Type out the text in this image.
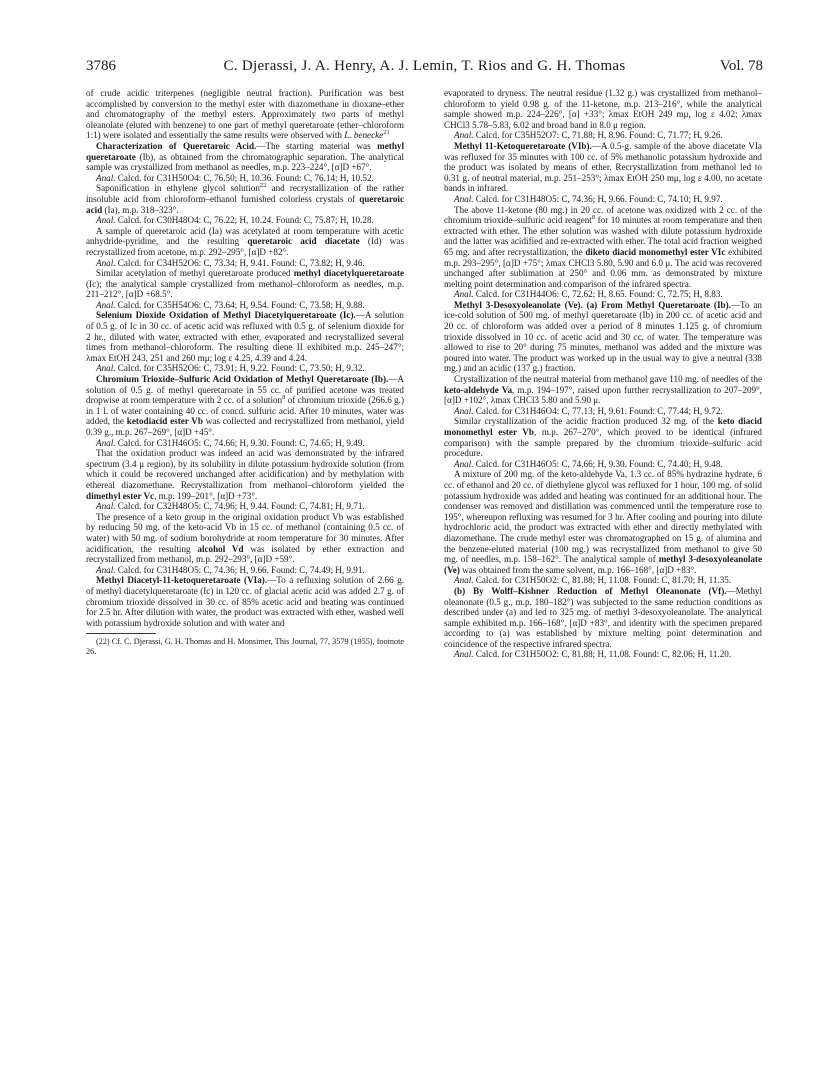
3786	C. Djerassi, J. A. Henry, A. J. Lemin, T. Rios and G. H. Thomas	Vol. 78

of crude acidic triterpenes (negligible neutral fraction). Purification was best accomplished by conversion to the methyl ester with diazomethane in dioxane–ether and chromatography of the methyl esters. Approximately two parts of methyl oleanolate (eluted with benzene) to one part of methyl queretaroate (ether–chloroform 1:1) were isolated and essentially the same results were observed with L. benecke$^{21}$

Characterization of Queretaroic Acid.—The starting material was methyl queretaroate (Ib), as obtained from the chromatographic separation. The analytical sample was crystallized from methanol as needles, m.p. 223–224°, [α]D +67°.

Anal. Calcd. for C31H50O4: C, 76.50; H, 10.36. Found: C, 76.14; H, 10.52.

Saponification in ethylene glycol solution$^{22}$ and recrystallization of the rather insoluble acid from chloroform–ethanol furnished colorless crystals of queretaroic acid (Ia), m.p. 318–323°.

Anal. Calcd. for C30H48O4: C, 76.22; H, 10.24. Found: C, 75.87; H, 10.28.

A sample of queretaroic acid (Ia) was acetylated at room temperature with acetic anhydride-pyridine, and the resulting queretaroic acid diacetate (Id) was recrystallized from acetone, m.p. 292–295°, [α]D +82°.

Anal. Calcd. for C34H52O6: C, 73.34; H, 9.41. Found: C, 73.82; H, 9.46.

Similar acetylation of methyl queretaroate produced methyl diacetylqueretaroate (Ic); the analytical sample crystallized from methanol–chloroform as needles, m.p. 211–212°, [α]D +68.5°.

Anal. Calcd. for C35H54O6: C, 73.64; H, 9.54. Found: C, 73.58; H, 9.88.

Selenium Dioxide Oxidation of Methyl Diacetylqueretaroate (Ic).—A solution of 0.5 g. of Ic in 30 cc. of acetic acid was refluxed with 0.5 g. of selenium dioxide for 2 hr., diluted with water, extracted with ether, evaporated and recrystallized several times from methanol–chloroform. The resulting diene II exhibited m.p. 245–247°; λmax EtOH 243, 251 and 260 mμ; log ε 4.25, 4.39 and 4.24.

Anal. Calcd. for C35H52O6: C, 73.91; H, 9.22. Found: C, 73.50; H, 9.32.

Chromium Trioxide–Sulfuric Acid Oxidation of Methyl Queretaroate (Ib).—A solution of 0.5 g. of methyl queretaroate in 55 cc. of purified acetone was treated dropwise at room temperature with 2 cc. of a solution$^8$ of chromium trioxide (266.6 g.) in 1 l. of water containing 40 cc. of concd. sulfuric acid. After 10 minutes, water was added, the ketodiacid ester Vb was collected and recrystallized from methanol, yield 0.39 g., m.p. 267–269°, [α]D +45°.

Anal. Calcd. for C31H46O5: C, 74.66; H, 9.30. Found: C, 74.65; H, 9.49.

That the oxidation product was indeed an acid was demonstrated by the infrared spectrum (3.4 μ region), by its solubility in dilute potassium hydroxide solution (from which it could be recovered unchanged after acidification) and by methylation with ethereal diazomethane. Recrystallization from methanol–chloroform yielded the dimethyl ester Vc, m.p. 199–201°, [α]D +73°.

Anal. Calcd. for C32H48O5: C, 74.96; H, 9.44. Found: C, 74.81; H, 9.71.

The presence of a keto group in the original oxidation product Vb was established by reducing 50 mg. of the keto-acid Vb in 15 cc. of methanol (containing 0.5 cc. of water) with 50 mg. of sodium borohydride at room temperature for 30 minutes. After acidification, the resulting alcohol Vd was isolated by ether extraction and recrystallized from methanol, m.p. 292–293°, [α]D +59°.

Anal. Calcd. for C31H48O5: C, 74.36; H, 9.66. Found: C, 74.49; H, 9.91.

Methyl Diacetyl-11-ketoqueretaroate (VIa).—To a refluxing solution of 2.66 g. of methyl diacetylqueretaroate (Ic) in 120 cc. of glacial acetic acid was added 2.7 g. of chromium trioxide dissolved in 30 cc. of 85% acetic acid and heating was continued for 2.5 hr. After dilution with water, the product was extracted with ether, washed well with potassium hydroxide solution and with water and

(22) Cf. C. Djerassi, G. H. Thomas and H. Monsimer, This Journal, 77, 3579 (1955), footnote 26.

evaporated to dryness. The neutral residue (1.32 g.) was crystallized from methanol–chloroform to yield 0.98 g. of the 11-ketone, m.p. 213–216°, while the analytical sample showed m.p. 224–226°, [α] +33°; λmax EtOH 249 mμ, log ε 4.02; λmax CHCl3 5.78–5.83, 6.02 and broad band in 8.0 μ region.

Anal. Calcd. for C35H52O7: C, 71.88; H, 8.96. Found: C, 71.77; H, 9.26.

Methyl 11-Ketoqueretaroate (VIb).—A 0.5-g. sample of the above diacetate VIa was refluxed for 35 minutes with 100 cc. of 5% methanolic potassium hydroxide and the product was isolated by means of ether. Recrystallization from methanol led to 0.31 g. of neutral material, m.p. 251–253°; λmax EtOH 250 mμ, log ε 4.00, no acetate bands in infrared.

Anal. Calcd. for C31H48O5: C, 74.36; H, 9.66. Found: C, 74.10; H, 9.97.

The above 11-ketone (80 mg.) in 20 cc. of acetone was oxidized with 2 cc. of the chromium trioxide–sulfuric acid reagent$^8$ for 10 minutes at room temperature and then extracted with ether. The ether solution was washed with dilute potassium hydroxide and the latter was acidified and re-extracted with ether. The total acid fraction weighed 65 mg. and after recrystallization, the diketo diacid monomethyl ester VIc exhibited m.p. 293–295°, [α]D +75°; λmax CHCl3 5.80, 5.90 and 6.0 μ. The acid was recovered unchanged after sublimation at 250° and 0.06 mm. as demonstrated by mixture melting point determination and comparison of the infrared spectra.

Anal. Calcd. for C31H44O6: C, 72.62; H, 8.65. Found: C, 72.75; H, 8.83.

Methyl 3-Desoxyoleanolate (Ve). (a) From Methyl Queretaroate (Ib).—To an ice-cold solution of 500 mg. of methyl queretaroate (Ib) in 200 cc. of acetic acid and 20 cc. of chloroform was added over a period of 8 minutes 1.125 g. of chromium trioxide dissolved in 10 cc. of acetic acid and 30 cc. of water. The temperature was allowed to rise to 20° during 75 minutes, methanol was added and the mixture was poured into water. The product was worked up in the usual way to give a neutral (338 mg.) and an acidic (137 g.) fraction.

Crystallization of the neutral material from methanol gave 110 mg. of needles of the keto-aldehyde Va, m.p. 194–197°, raised upon further recrystallization to 207–209°, [α]D +102°, λmax CHCl3 5.80 and 5.90 μ.

Anal. Calcd. for C31H46O4: C, 77.13; H, 9.61. Found: C, 77.44; H, 9.72.

Similar crystallization of the acidic fraction produced 32 mg. of the keto diacid monomethyl ester Vb, m.p. 267–270°, which proved to be identical (infrared comparison) with the sample prepared by the chromium trioxide–sulfuric acid procedure.

Anal. Calcd. for C31H46O5: C, 74.66; H, 9.30. Found: C, 74.40; H, 9.48.

A mixture of 200 mg. of the keto-aldehyde Va, 1.3 cc. of 85% hydrazine hydrate, 6 cc. of ethanol and 20 cc. of diethylene glycol was refluxed for 1 hour, 100 mg. of solid potassium hydroxide was added and heating was continued for an additional hour. The condenser was removed and distillation was commenced until the temperature rose to 195°, whereupon refluxing was resumed for 3 hr. After cooling and pouring into dilute hydrochloric acid, the product was extracted with ether and directly methylated with diazomethane. The crude methyl ester was chromatographed on 15 g. of alumina and the benzene-eluted material (100 mg.) was recrystallized from methanol to give 50 mg. of needles, m.p. 158–162°. The analytical sample of methyl 3-desoxyoleanolate (Ve) was obtained from the same solvent, m.p. 166–168°, [α]D +83°.

Anal. Calcd. for C31H50O2: C, 81.88; H, 11.08. Found: C, 81.70; H, 11.35.

(b) By Wolff–Kishner Reduction of Methyl Oleanonate (Vf).—Methyl oleanonate (0.5 g., m.p. 180–182°) was subjected to the same reduction conditions as described under (a) and led to 325 mg. of methyl 3-desoxyoleanolate. The analytical sample exhibited m.p. 166–168°, [α]D +83°, and identity with the specimen prepared according to (a) was established by mixture melting point determination and coincidence of the respective infrared spectra.

Anal. Calcd. for C31H50O2: C, 81.88; H, 11.08. Found: C, 82.06; H, 11.20.
